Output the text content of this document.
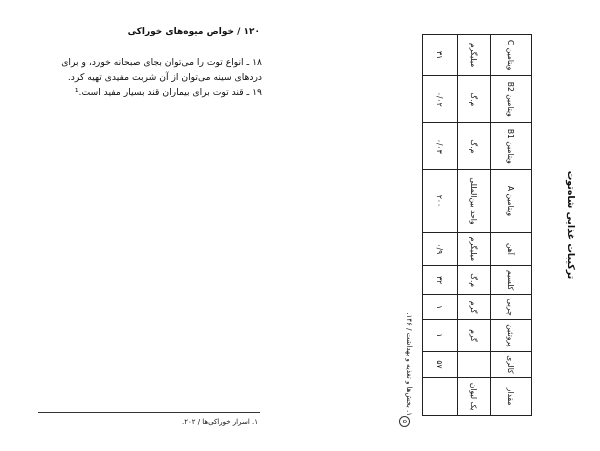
۱۲۰ / خواص میوه‌های خوراکی

۱۸ ـ انواع توت را می‌توان بجای صبحانه خورد، و برای

دردهای سینه می‌توان از آن شربت مفیدی تهیه کرد.

۱۹ ـ قند توت برای بیماران قند بسیار مفید است.¹

۱. اسرار خوراکی‌ها / ۲۰۲.
ترکیبات غذایی شاه‌توت
مقدار	کالری	پروتئین	چربی	کلسیم	آهن	ویتامین A	ویتامین B1	ویتامین B2	ویتامین C
یک لیوان		گرم	گرم	م.گ	میلیگرم	واحد بین‌المللی	م.گ	م.گ	میلیگرم
	۵۷	۱	۱	۳۲	۰/۹	۲۰۰	۰/۰۳	۰/۰۲	۳۱
۱. بخش‌ها و تغذیه و بهداشت / ۱۴۶.
۵
